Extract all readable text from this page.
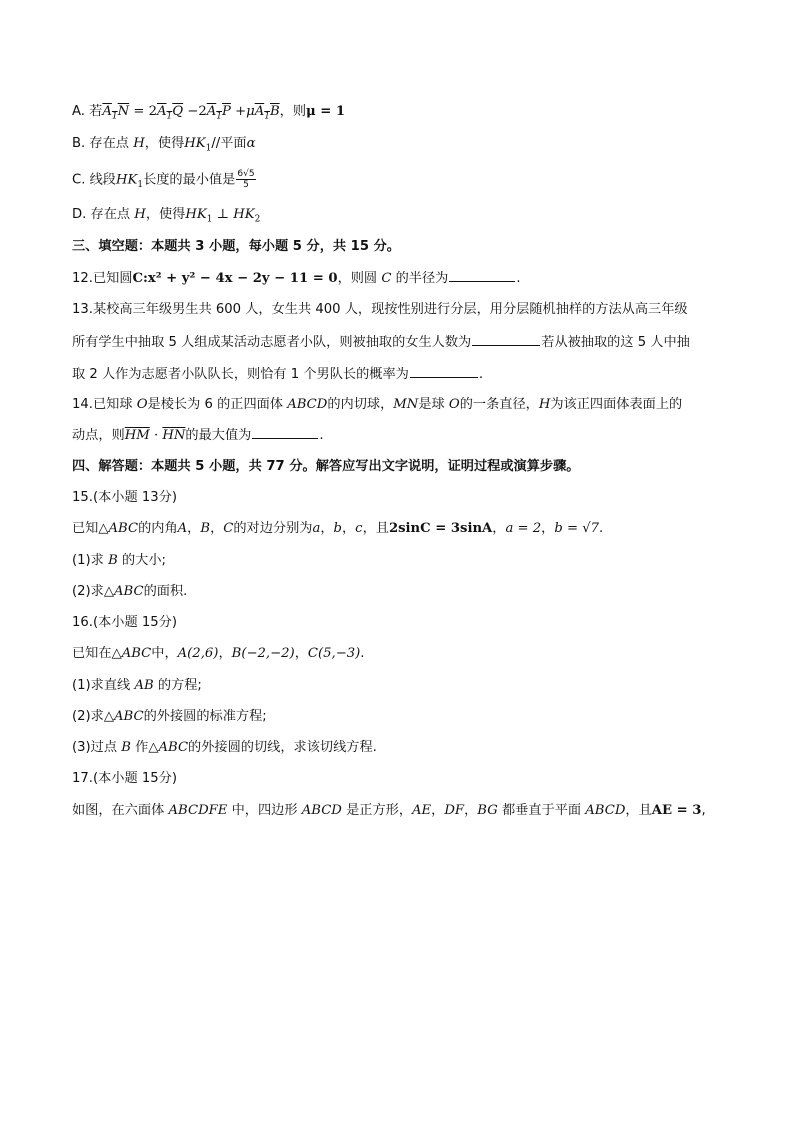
A. 若$A_1N = 2A_1Q -2A_1P +\mu A_1B$，则μ = 1
B. 存在点 H，使得$HK_1//$平面α
C. 线段$HK_1$长度的最小值是 $\frac{6√5}{5}$
D. 存在点 H，使得$HK_1$ ⊥ $HK_2$
三、填空题：本题共 3 小题，每小题 5 分，共 15 分。
12.已知圆C:x² + y² − 4x − 2y − 11 = 0，则圆 C 的半径为	.
13.某校高三年级男生共 600 人，女生共 400 人，现按性别进行分层，用分层随机抽样的方法从高三年级
所有学生中抽取 5 人组成某活动志愿者小队，则被抽取的女生人数为	若从被抽取的这 5 人中抽
取 2 人作为志愿者小队队长，则恰有 1 个男队长的概率为	.
14.已知球 O是棱长为 6 的正四面体 ABCD的内切球，MN是球 O的一条直径，H为该正四面体表面上的
动点，则$\overline{HM} \cdot \overline{HN}$的最大值为	.
四、解答题：本题共 5 小题，共 77 分。解答应写出文字说明，证明过程或演算步骤。
15.(本小题 13分)
已知△ABC的内角A，B，C的对边分别为a，b，c，且2sinC = 3sinA，a = 2，b = √7.
(1)求 B 的大小;
(2)求△ABC的面积.
16.(本小题 15分)
已知在△ABC中，A(2,6)，B(−2,−2)，C(5,−3).
(1)求直线 AB 的方程;
(2)求△ABC的外接圆的标准方程;
(3)过点 B 作△ABC的外接圆的切线，求该切线方程.
17.(本小题 15分)
如图，在六面体 ABCDFE 中，四边形 ABCD 是正方形，AE，DF，BG 都垂直于平面 ABCD，且AE = 3,
